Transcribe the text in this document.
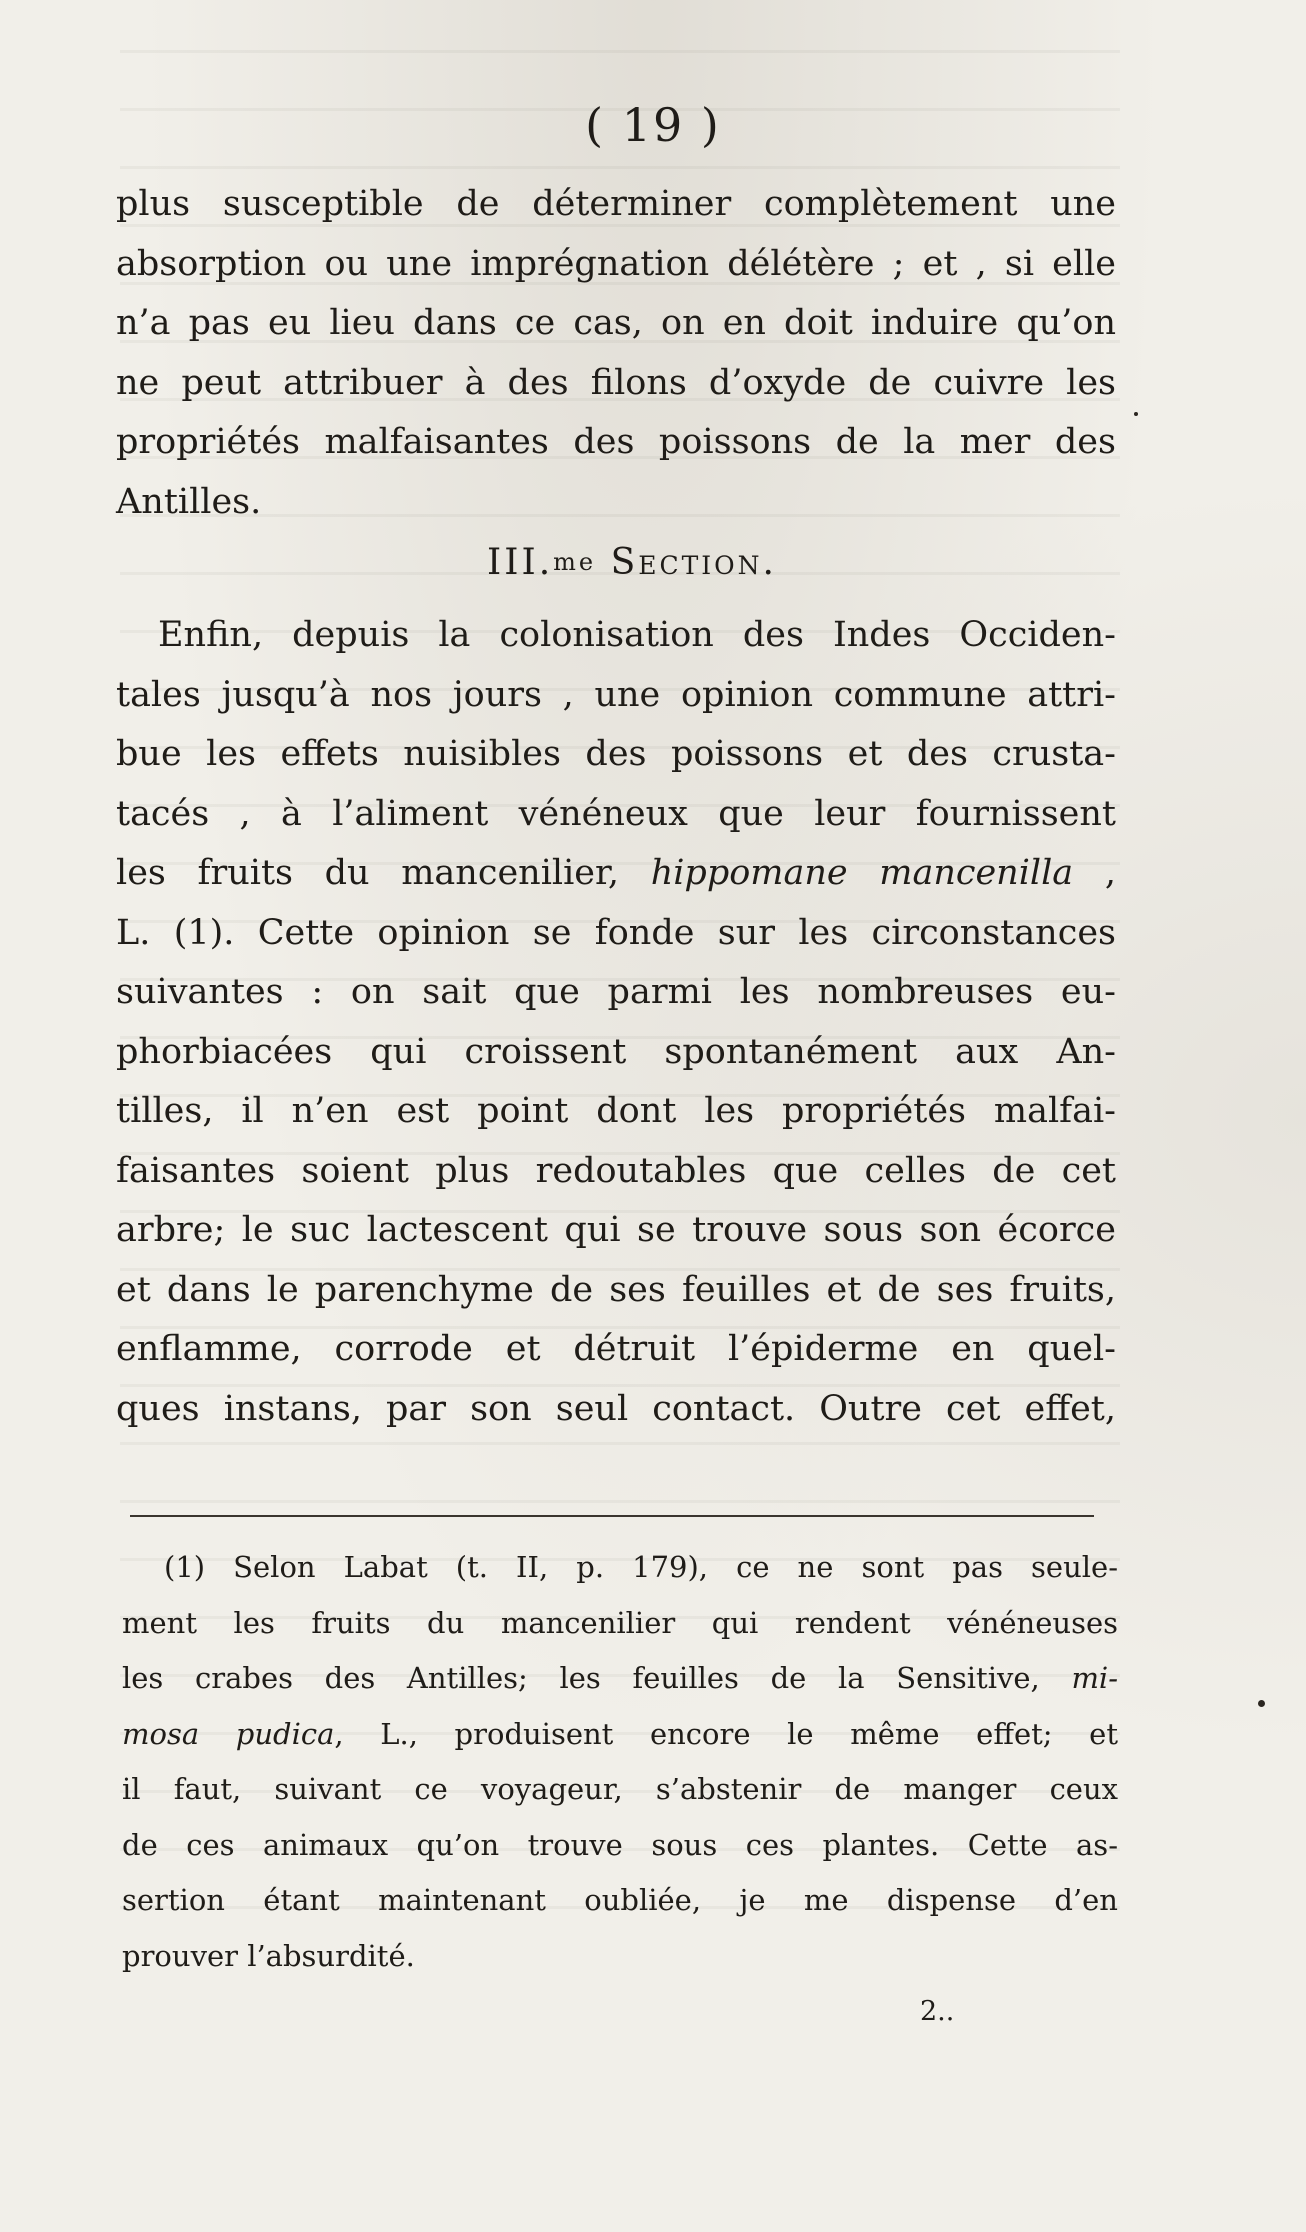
( 19 )
plus susceptible de déterminer complètement une
absorption ou une imprégnation délétère ; et , si elle
n’a pas eu lieu dans ce cas, on en doit induire qu’on
ne peut attribuer à des filons d’oxyde de cuivre les
propriétés malfaisantes des poissons de la mer des
Antilles.
III.me Section.
Enfin, depuis la colonisation des Indes Occiden-
tales jusqu’à nos jours , une opinion commune attri-
bue les effets nuisibles des poissons et des crusta-
tacés , à l’aliment vénéneux que leur fournissent
les fruits du mancenilier, hippomane mancenilla ,
L. (1). Cette opinion se fonde sur les circonstances
suivantes : on sait que parmi les nombreuses eu-
phorbiacées qui croissent spontanément aux An-
tilles, il n’en est point dont les propriétés malfai-
faisantes soient plus redoutables que celles de cet
arbre; le suc lactescent qui se trouve sous son écorce
et dans le parenchyme de ses feuilles et de ses fruits,
enflamme, corrode et détruit l’épiderme en quel-
ques instans, par son seul contact. Outre cet effet,
(1) Selon Labat (t. II, p. 179), ce ne sont pas seule-
ment les fruits du mancenilier qui rendent vénéneuses
les crabes des Antilles; les feuilles de la Sensitive, mi-
mosa pudica, L., produisent encore le même effet; et
il faut, suivant ce voyageur, s’abstenir de manger ceux
de ces animaux qu’on trouve sous ces plantes. Cette as-
sertion étant maintenant oubliée, je me dispense d’en
prouver l’absurdité.
2..
